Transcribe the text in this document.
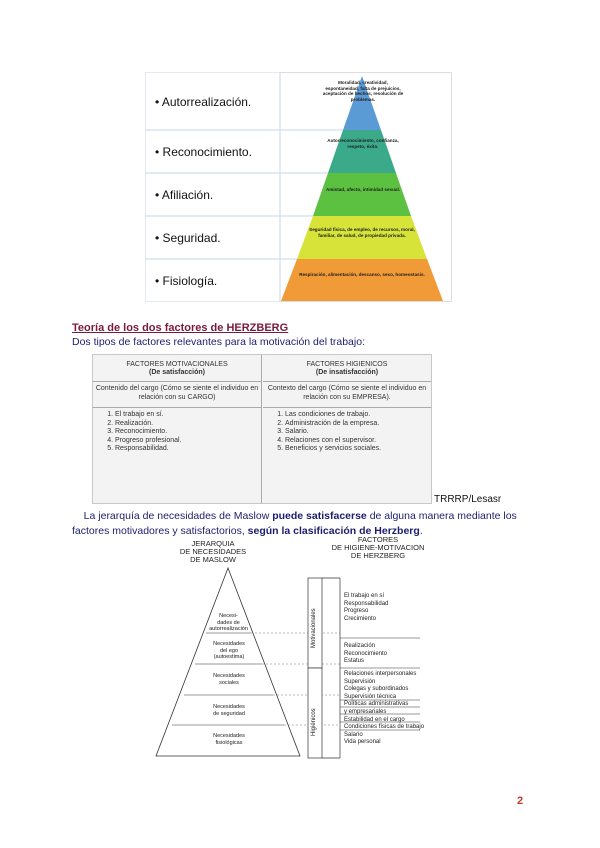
• Autorrealización.
• Reconocimiento.
• Afiliación.
• Seguridad.
• Fisiología.
Moralidad, creatividad, espontaneidad, falta de prejuicios, aceptación de hechos, resolución de problemas.
Autorreconocimiento, confianza, respeto, éxito.
Amistad, afecto, intimidad sexual.
Seguridad física, de empleo, de recursos, moral, familiar, de salud, de propiedad privada.
Respiración, alimentación, descanso, sexo, homeostasis.
Teoría de los dos factores de HERZBERG
Dos tipos de factores relevantes para la motivación del trabajo:
FACTORES MOTIVACIONALES
(De satisfacción)
Contenido del cargo (Cómo se siente el individuo en relación con su CARGO)
1. El trabajo en sí.
2. Realización.
3. Reconocimiento.
4. Progreso profesional.
5. Responsabilidad.
FACTORES HIGIENICOS
(De insatisfacción)
Contexto del cargo (Cómo se siente el individuo en relación con su EMPRESA).
1. Las condiciones de trabajo.
2. Administración de la empresa.
3. Salario.
4. Relaciones con el supervisor.
5. Beneficios y servicios sociales.
TRRRP/Lesasr
La jerarquía de necesidades de Maslow puede satisfacerse de alguna manera mediante los factores motivadores y satisfactorios, según la clasificación de Herzberg.
JERARQUIA
DE NECESIDADES
DE MASLOW
FACTORES
DE HIGIENE-MOTIVACION
DE HERZBERG
Necesi-
dades de
autorrealización
Necesidades
del ego
(autoestima)
Necesidades
sociales
Necesidades
de seguridad
Necesidades
fisiológicas
Motivacionales
Higiénicos
El trabajo en sí
Responsabilidad
Progreso
Crecimiento
Realización
Reconocimiento
Estatus
Relaciones interpersonales
Supervisión
Colegas y subordinados
Supervisión técnica
Políticas administrativas
y empresariales
Estabilidad en el cargo
Condiciones físicas de trabajo
Salario
Vida personal
2
